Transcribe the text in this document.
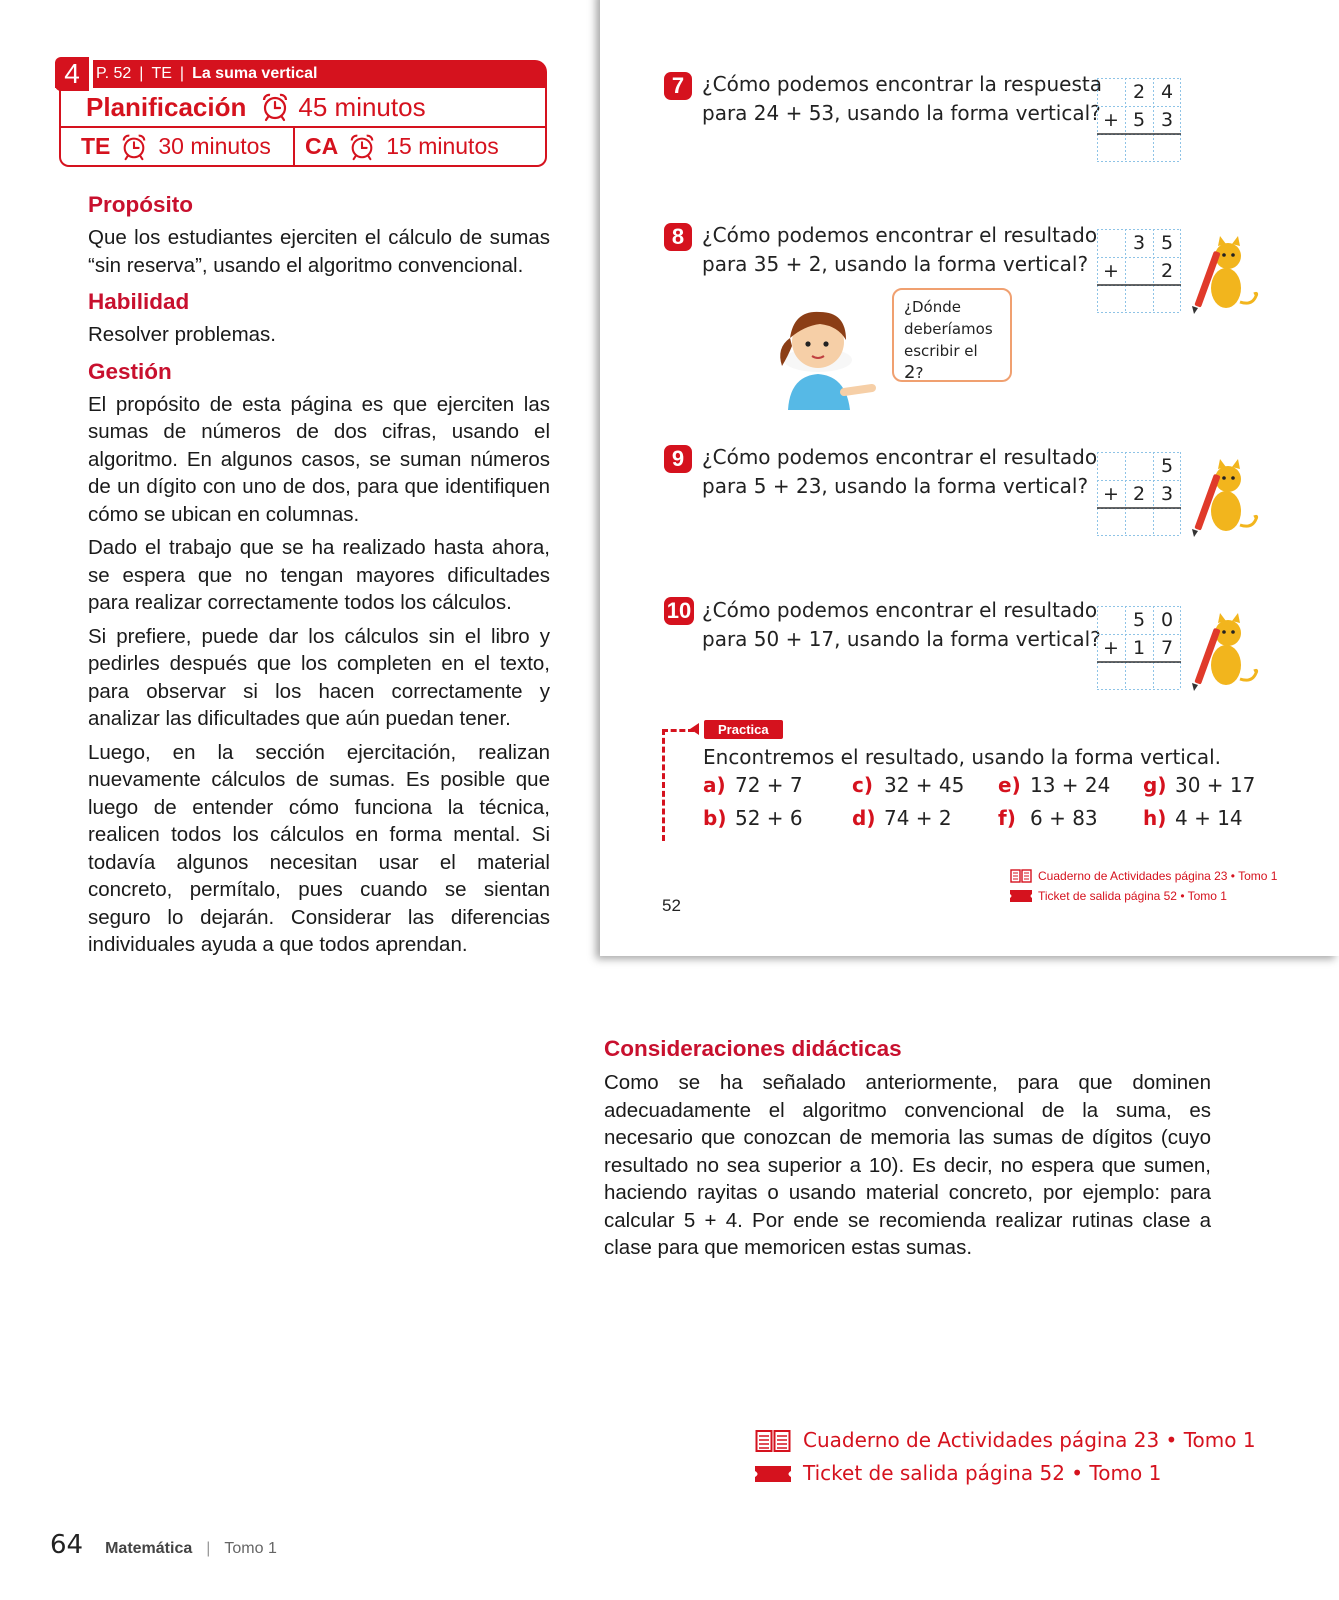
4	P. 52 | TE | La suma vertical
Planificación 45 minutos
TE 30 minutos CA 15 minutos
Propósito

Que los estudiantes ejerciten el cálculo de sumas “sin reserva”, usando el algoritmo convencional.

Habilidad

Resolver problemas.

Gestión

El propósito de esta página es que ejerciten las sumas de números de dos cifras, usando el algoritmo. En algunos casos, se suman números de un dígito con uno de dos, para que identifiquen cómo se ubican en columnas.

Dado el trabajo que se ha realizado hasta ahora, se espera que no tengan mayores dificultades para realizar correctamente todos los cálculos.

Si prefiere, puede dar los cálculos sin el libro y pedirles después que los completen en el texto, para observar si los hacen correctamente y analizar las dificultades que aún puedan tener.

Luego, en la sección ejercitación, realizan nuevamente cálculos de sumas. Es posible que luego de entender cómo funciona la técnica, realicen todos los cálculos en forma mental. Si todavía algunos necesitan usar el material concreto, permítalo, pues cuando se sientan seguro lo dejarán. Considerar las diferencias individuales ayuda a que todos aprendan.

7 ¿Cómo podemos encontrar la respuesta
para 24 + 53, usando la forma vertical?
2 4
+ 5 3
8 ¿Cómo podemos encontrar el resultado
para 35 + 2, usando la forma vertical?
3 5
+	2
¿Dónde
deberíamos
escribir el 2?
9 ¿Cómo podemos encontrar el resultado
para 5 + 23, usando la forma vertical?
5
+ 2 3
10 ¿Cómo podemos encontrar el resultado
para 50 + 17, usando la forma vertical?
5 0
+ 1 7
Practica
Encontremos el resultado, usando la forma vertical.
a) 72 + 7 c) 32 + 45 e) 13 + 24 g) 30 + 17
b) 52 + 6 d) 74 + 2 f) 6 + 83 h) 4 + 14
Cuaderno de Actividades página 23 • Tomo 1
Ticket de salida página 52 • Tomo 1
52
Consideraciones didácticas

Como se ha señalado anteriormente, para que dominen adecuadamente el algoritmo convencional de la suma, es necesario que conozcan de memoria las sumas de dígitos (cuyo resultado no sea superior a 10). Es decir, no espera que sumen, haciendo rayitas o usando material concreto, por ejemplo: para calcular 5 + 4. Por ende se recomienda realizar rutinas clase a clase para que memoricen estas sumas.

Cuaderno de Actividades página 23 • Tomo 1
Ticket de salida página 52 • Tomo 1
64 Matemática | Tomo 1
